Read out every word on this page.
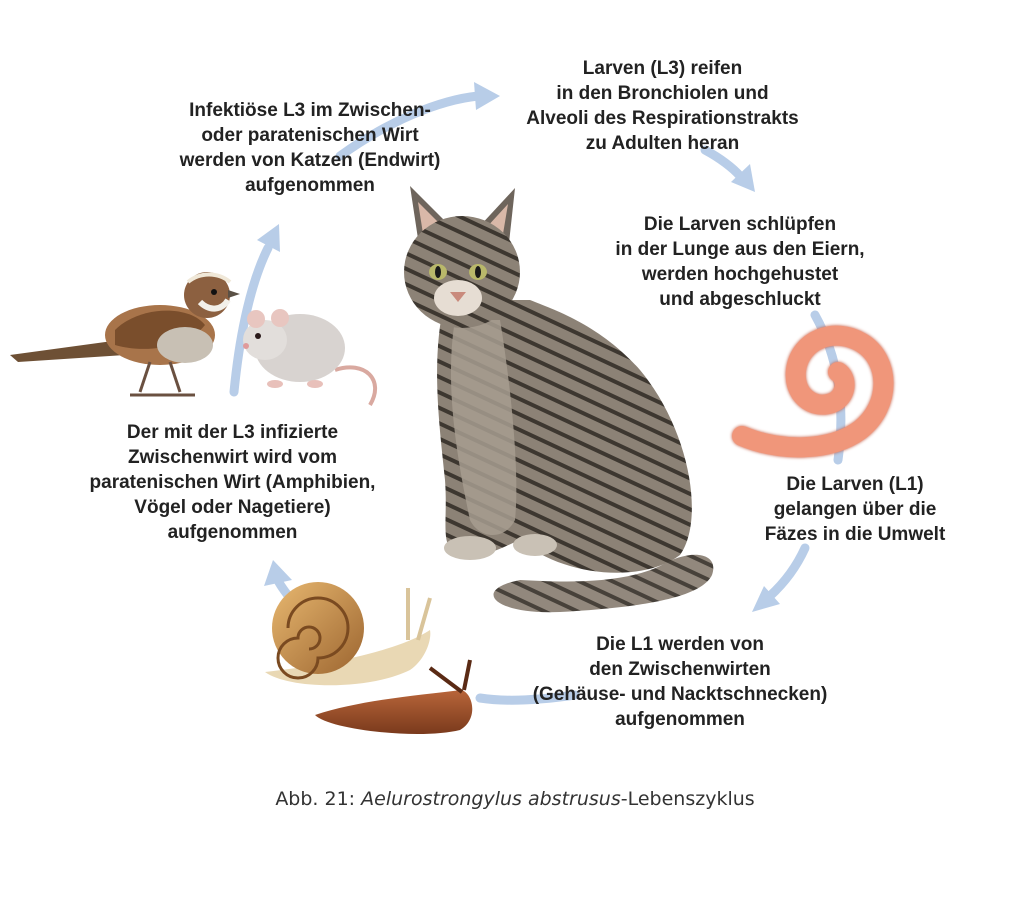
Larven (L3) reifen
in den Bronchiolen und
Alveoli des Respirationstrakts
zu Adulten heran
Die Larven schlüpfen
in der Lunge aus den Eiern,
werden hochgehustet
und abgeschluckt
Die Larven (L1)
gelangen über die
Fäzes in die Umwelt
Die L1 werden von
den Zwischenwirten
(Gehäuse- und Nacktschnecken)
aufgenommen
Der mit der L3 infizierte
Zwischenwirt wird vom
paratenischen Wirt (Amphibien,
Vögel oder Nagetiere)
aufgenommen
Infektiöse L3 im Zwischen-
oder paratenischen Wirt
werden von Katzen (Endwirt)
aufgenommen
Abb. 21: Aelurostrongylus abstrusus-Lebenszyklus
